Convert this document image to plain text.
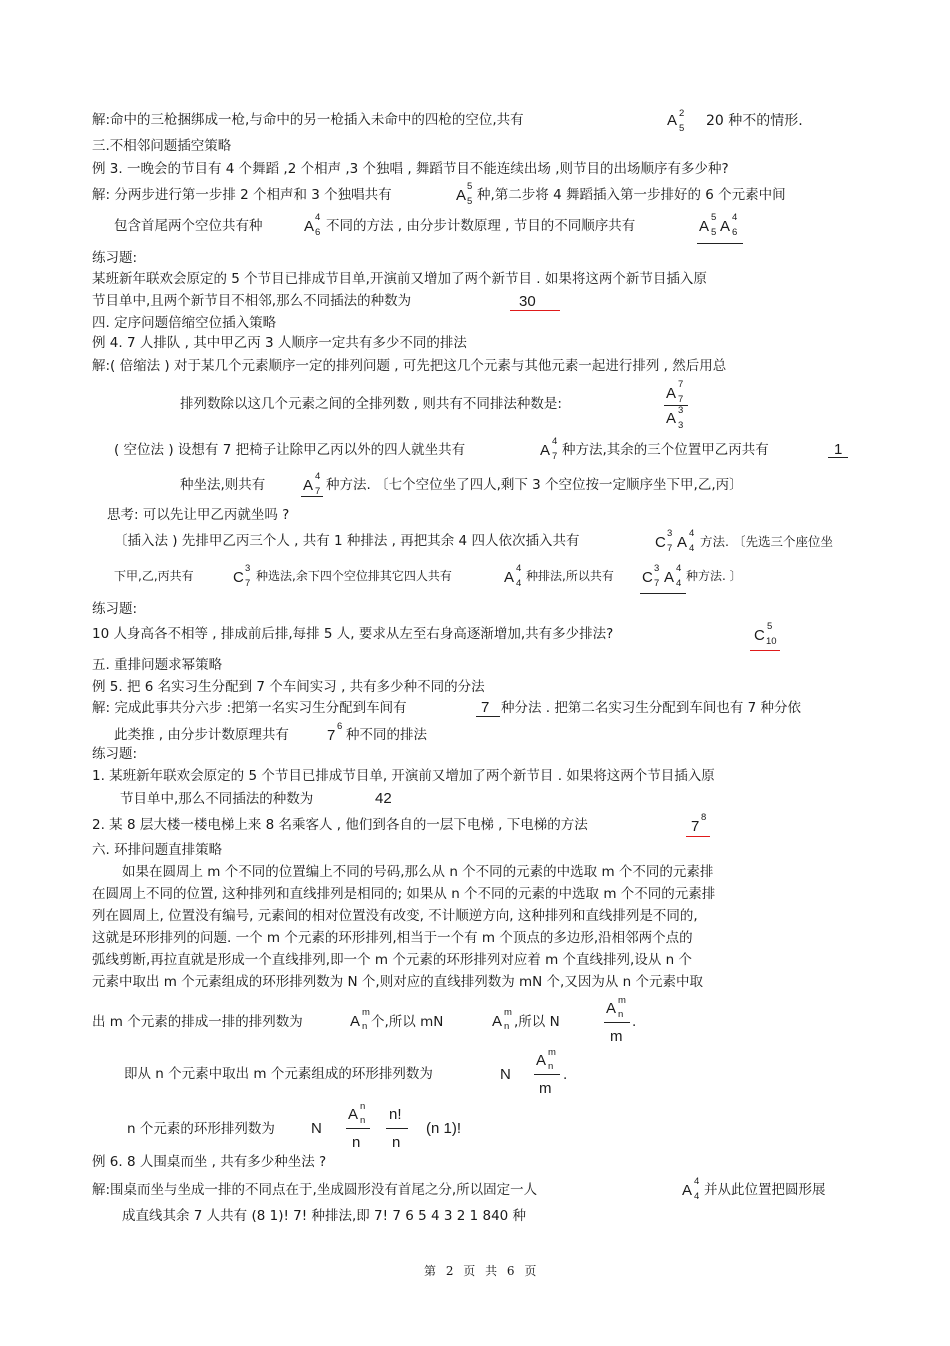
解:命中的三枪捆绑成一枪,与命中的另一枪插入未命中的四枪的空位,共有	A 2
5 20 种不的情形.
三.不相邻问题插空策略
例 3. 一晚会的节目有 4 个舞蹈 ,2 个相声 ,3 个独唱 , 舞蹈节目不能连续出场 ,则节目的出场顺序有多少种?
解: 分两步进行第一步排 2 个相声和 3 个独唱共有	A
5
5 种,第二步将 4 舞蹈插入第一步排好的 6 个元素中间
包含首尾两个空位共有种	A
4
6 不同的方法 , 由分步计数原理 , 节目的不同顺序共有	A
5
5 A
4
6
练习题:
某班新年联欢会原定的 5 个节目已排成节目单,开演前又增加了两个新节目 . 如果将这两个新节目插入原
节目单中,且两个新节目不相邻,那么不同插法的种数为	30
四. 定序问题倍缩空位插入策略
例 4. 7 人排队 , 其中甲乙丙 3 人顺序一定共有多少不同的排法
解:( 倍缩法 ) 对于某几个元素顺序一定的排列问题 , 可先把这几个元素与其他元素一起进行排列 , 然后用总
排列数除以这几个元素之间的全排列数 , 则共有不同排法种数是:
A
7
7
A 3
3
( 空位法 ) 设想有 7 把椅子让除甲乙丙以外的四人就坐共有	A
4
7 种方法,其余的三个位置甲乙丙共有	1
种坐法,则共有	A
4
7 种方法. 〔七个空位坐了四人,剩下 3 个空位按一定顺序坐下甲,乙,丙〕
思考: 可以先让甲乙丙就坐吗 ?
〔插入法 ) 先排甲乙丙三个人 , 共有 1 种排法 , 再把其余 4 四人依次插入共有	C
3
7 A
4
4 方法. 〔先选三个座位坐
下甲,乙,丙共有	C
3
7
种选法,余下四个空位排其它四人共有	A
4
4
种排法,所以共有 C
3
7 A
4
4
种方法. 〕
练习题:
10 人身高各不相等 , 排成前后排,每排 5 人, 要求从左至右身高逐渐增加,共有多少排法?	C
5
10
五. 重排问题求幂策略
例 5. 把 6 名实习生分配到 7 个车间实习 , 共有多少种不同的分法
解: 完成此事共分六步 :把第一名实习生分配到车间有	7 种分法 . 把第二名实习生分配到车间也有 7 种分依
此类推 , 由分步计数原理共有	7
6
种不同的排法
练习题:
1. 某班新年联欢会原定的 5 个节目已排成节目单, 开演前又增加了两个新节目 . 如果将这两个节目插入原
节目单中,那么不同插法的种数为	42
2. 某 8 层大楼一楼电梯上来 8 名乘客人 , 他们到各自的一层下电梯 , 下电梯的方法	7
8
六. 环排问题直排策略
如果在圆周上 m 个不同的位置编上不同的号码,那么从 n 个不同的元素的中选取 m 个不同的元素排
在圆周上不同的位置, 这种排列和直线排列是相同的; 如果从 n 个不同的元素的中选取 m 个不同的元素排
列在圆周上, 位置没有编号, 元素间的相对位置没有改变, 不计顺逆方向, 这种排列和直线排列是不同的,
这就是环形排列的问题. 一个 m 个元素的环形排列,相当于一个有 m 个顶点的多边形,沿相邻两个点的
弧线剪断,再拉直就是形成一个直线排列,即一个 m 个元素的环形排列对应着 m 个直线排列,设从 n 个
元素中取出 m 个元素组成的环形排列数为 N 个,则对应的直线排列数为 mN 个,又因为从 n 个元素中取
出 m 个元素的排成一排的排列数为	A
m
n 个,所以 mN	A
m
n ,所以 N
A m
n
m
.
即从 n 个元素中取出 m 个元素组成的环形排列数为	N
A m
n
m
.
n 个元素的环形排列数为 N
A n
n
n
n!
n
(n 1)!
例 6. 8 人围桌而坐 , 共有多少种坐法 ?
解:围桌而坐与坐成一排的不同点在于,坐成圆形没有首尾之分,所以固定一人	A
4
4 并从此位置把圆形展
成直线其余 7 人共有 (8 1)! 7! 种排法,即 7! 7 6 5 4 3 2 1 840 种
第 2 页 共 6 页
